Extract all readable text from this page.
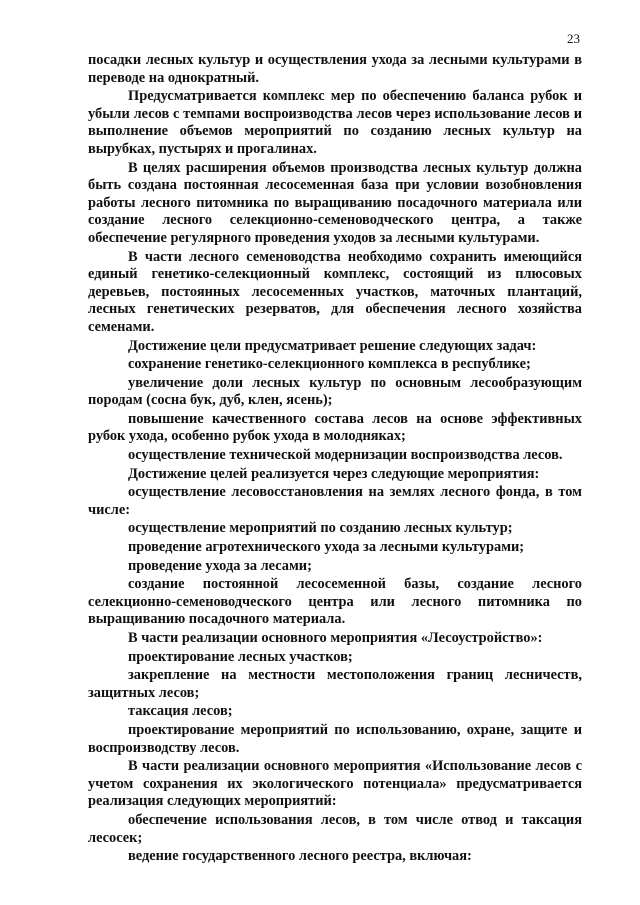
23

посадки лесных культур и осуществления ухода за лесными культурами в переводе на однократный.

Предусматривается комплекс мер по обеспечению баланса рубок и убыли лесов с темпами воспроизводства лесов через использование лесов и выполнение объемов мероприятий по созданию лесных культур на вырубках, пустырях и прогалинах.

В целях расширения объемов производства лесных культур должна быть создана постоянная лесосеменная база при условии возобновления работы лесного питомника по выращиванию посадочного материала или создание лесного селекционно-семеноводческого центра, а также обеспечение регулярного проведения уходов за лесными культурами.

В части лесного семеноводства необходимо сохранить имеющийся единый генетико-селекционный комплекс, состоящий из плюсовых деревьев, постоянных лесосеменных участков, маточных плантаций, лесных генетических резерватов, для обеспечения лесного хозяйства семенами.

Достижение цели предусматривает решение следующих задач:

сохранение генетико-селекционного комплекса в республике;

увеличение доли лесных культур по основным лесообразующим породам (сосна бук, дуб, клен, ясень);

повышение качественного состава лесов на основе эффективных рубок ухода, особенно рубок ухода в молодняках;

осуществление технической модернизации воспроизводства лесов.

Достижение целей реализуется через следующие мероприятия:

осуществление лесовосстановления на землях лесного фонда, в том числе:

осуществление мероприятий по созданию лесных культур;

проведение агротехнического ухода за лесными культурами;

проведение ухода за лесами;

создание постоянной лесосеменной базы, создание лесного селекционно-семеноводческого центра или лесного питомника по выращиванию посадочного материала.

В части реализации основного мероприятия «Лесоустройство»:

проектирование лесных участков;

закрепление на местности местоположения границ лесничеств, защитных лесов;

таксация лесов;

проектирование мероприятий по использованию, охране, защите и воспроизводству лесов.

В части реализации основного мероприятия «Использование лесов с учетом сохранения их экологического потенциала» предусматривается реализация следующих мероприятий:

обеспечение использования лесов, в том числе отвод и таксация лесосек;

ведение государственного лесного реестра, включая:
